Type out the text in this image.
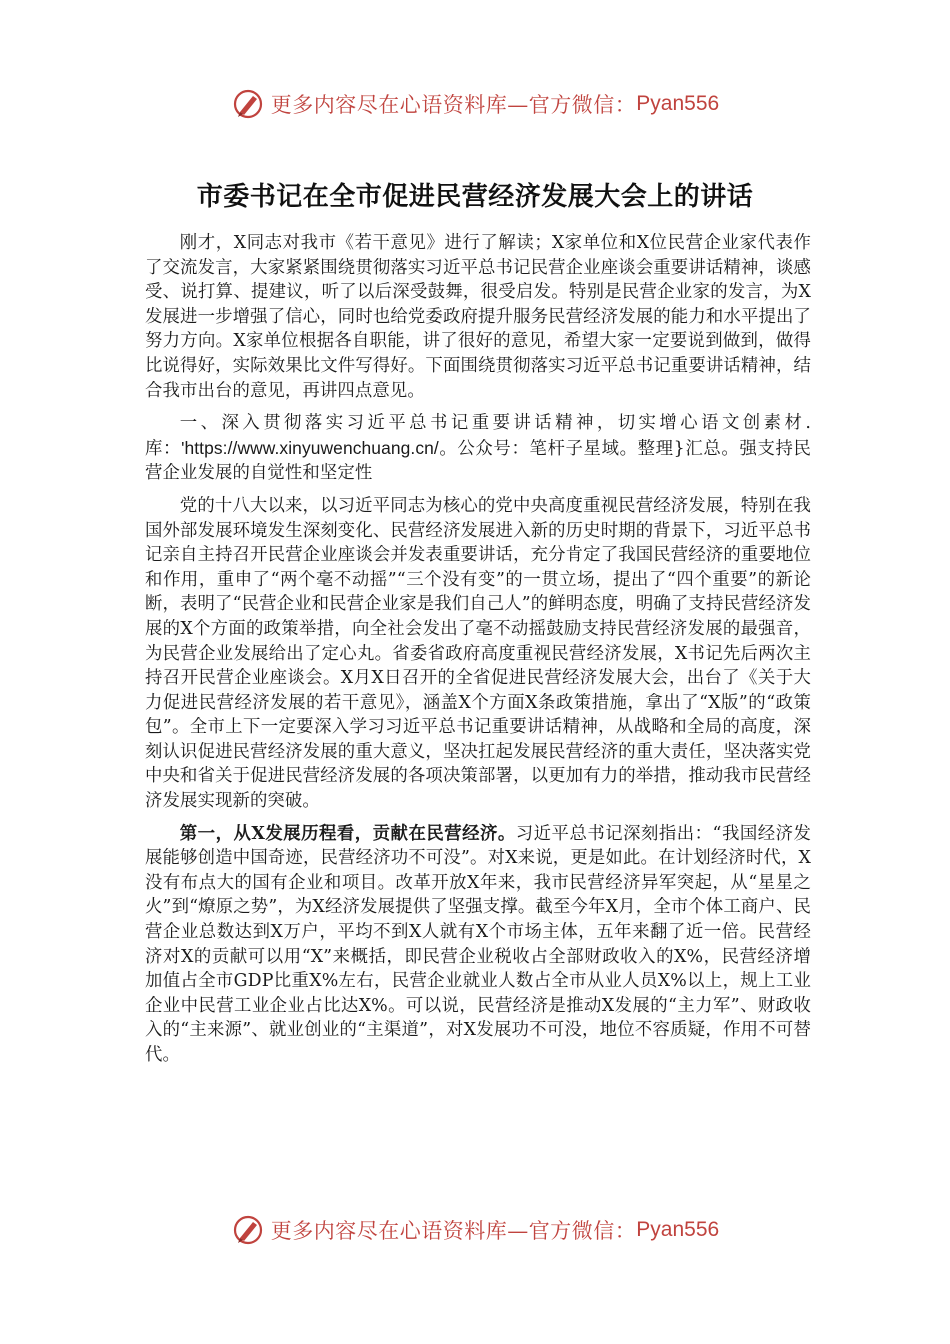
更多内容尽在心语资料库—官方微信： Pyan556
市委书记在全市促进民营经济发展大会上的讲话

刚才，X同志对我市《若干意见》进行了解读；X家单位和X位民营企业家代表作了交流发言，大家紧紧围绕贯彻落实习近平总书记民营企业座谈会重要讲话精神，谈感受、说打算、提建议，听了以后深受鼓舞，很受启发。特别是民营企业家的发言，为X发展进一步增强了信心，同时也给党委政府提升服务民营经济发展的能力和水平提出了努力方向。X家单位根据各自职能，讲了很好的意见，希望大家一定要说到做到，做得比说得好，实际效果比文件写得好。下面围绕贯彻落实习近平总书记重要讲话精神，结合我市出台的意见，再讲四点意见。

一、深入贯彻落实习近平总书记重要讲话精神，切实增心语文创素材.库：'https://www.xinyuwenchuang.cn/。公众号：笔杆子星域。整理}汇总。强支持民营企业发展的自觉性和坚定性

党的十八大以来，以习近平同志为核心的党中央高度重视民营经济发展，特别在我国外部发展环境发生深刻变化、民营经济发展进入新的历史时期的背景下，习近平总书记亲自主持召开民营企业座谈会并发表重要讲话，充分肯定了我国民营经济的重要地位和作用，重申了“两个毫不动摇”“三个没有变”的一贯立场，提出了“四个重要”的新论断，表明了“民营企业和民营企业家是我们自己人”的鲜明态度，明确了支持民营经济发展的X个方面的政策举措，向全社会发出了毫不动摇鼓励支持民营经济发展的最强音，为民营企业发展给出了定心丸。省委省政府高度重视民营经济发展，X书记先后两次主持召开民营企业座谈会。X月X日召开的全省促进民营经济发展大会，出台了《关于大力促进民营经济发展的若干意见》，涵盖X个方面X条政策措施，拿出了“X版”的“政策包”。全市上下一定要深入学习习近平总书记重要讲话精神，从战略和全局的高度，深刻认识促进民营经济发展的重大意义，坚决扛起发展民营经济的重大责任，坚决落实党中央和省关于促进民营经济发展的各项决策部署，以更加有力的举措，推动我市民营经济发展实现新的突破。

第一，从X发展历程看，贡献在民营经济。习近平总书记深刻指出：“我国经济发展能够创造中国奇迹，民营经济功不可没”。对X来说，更是如此。在计划经济时代，X没有布点大的国有企业和项目。改革开放X年来，我市民营经济异军突起，从“星星之火”到“燎原之势”，为X经济发展提供了坚强支撑。截至今年X月，全市个体工商户、民营企业总数达到X万户，平均不到X人就有X个市场主体，五年来翻了近一倍。民营经济对X的贡献可以用“X”来概括，即民营企业税收占全部财政收入的X%，民营经济增加值占全市GDP比重X%左右，民营企业就业人数占全市从业人员X%以上，规上工业企业中民营工业企业占比达X%。可以说，民营经济是推动X发展的“主力军”、财政收入的“主来源”、就业创业的“主渠道”，对X发展功不可没，地位不容质疑，作用不可替代。

更多内容尽在心语资料库—官方微信： Pyan556
